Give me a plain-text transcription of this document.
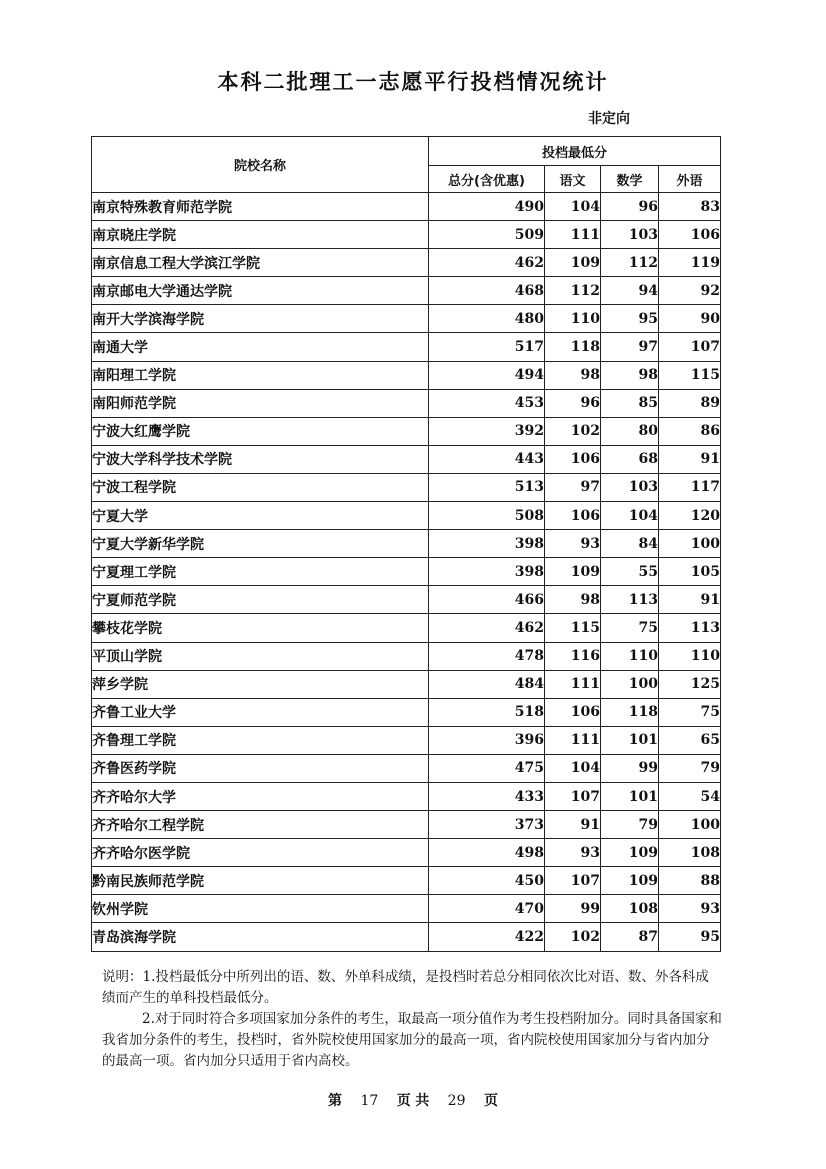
本科二批理工一志愿平行投档情况统计
非定向
院校名称	投档最低分			
	总分(含优惠)	语文	数学	外语
南京特殊教育师范学院	490	104	96	83
南京晓庄学院	509	111	103	106
南京信息工程大学滨江学院	462	109	112	119
南京邮电大学通达学院	468	112	94	92
南开大学滨海学院	480	110	95	90
南通大学	517	118	97	107
南阳理工学院	494	98	98	115
南阳师范学院	453	96	85	89
宁波大红鹰学院	392	102	80	86
宁波大学科学技术学院	443	106	68	91
宁波工程学院	513	97	103	117
宁夏大学	508	106	104	120
宁夏大学新华学院	398	93	84	100
宁夏理工学院	398	109	55	105
宁夏师范学院	466	98	113	91
攀枝花学院	462	115	75	113
平顶山学院	478	116	110	110
萍乡学院	484	111	100	125
齐鲁工业大学	518	106	118	75
齐鲁理工学院	396	111	101	65
齐鲁医药学院	475	104	99	79
齐齐哈尔大学	433	107	101	54
齐齐哈尔工程学院	373	91	79	100
齐齐哈尔医学院	498	93	109	108
黔南民族师范学院	450	107	109	88
钦州学院	470	99	108	93
青岛滨海学院	422	102	87	95

说明：1.投档最低分中所列出的语、数、外单科成绩，是投档时若总分相同依次比对语、数、外各科成绩而产生的单科投档最低分。

2.对于同时符合多项国家加分条件的考生，取最高一项分值作为考生投档附加分。同时具备国家和我省加分条件的考生，投档时，省外院校使用国家加分的最高一项，省内院校使用国家加分与省内加分的最高一项。省内加分只适用于省内高校。

第 17 页 共 29 页
